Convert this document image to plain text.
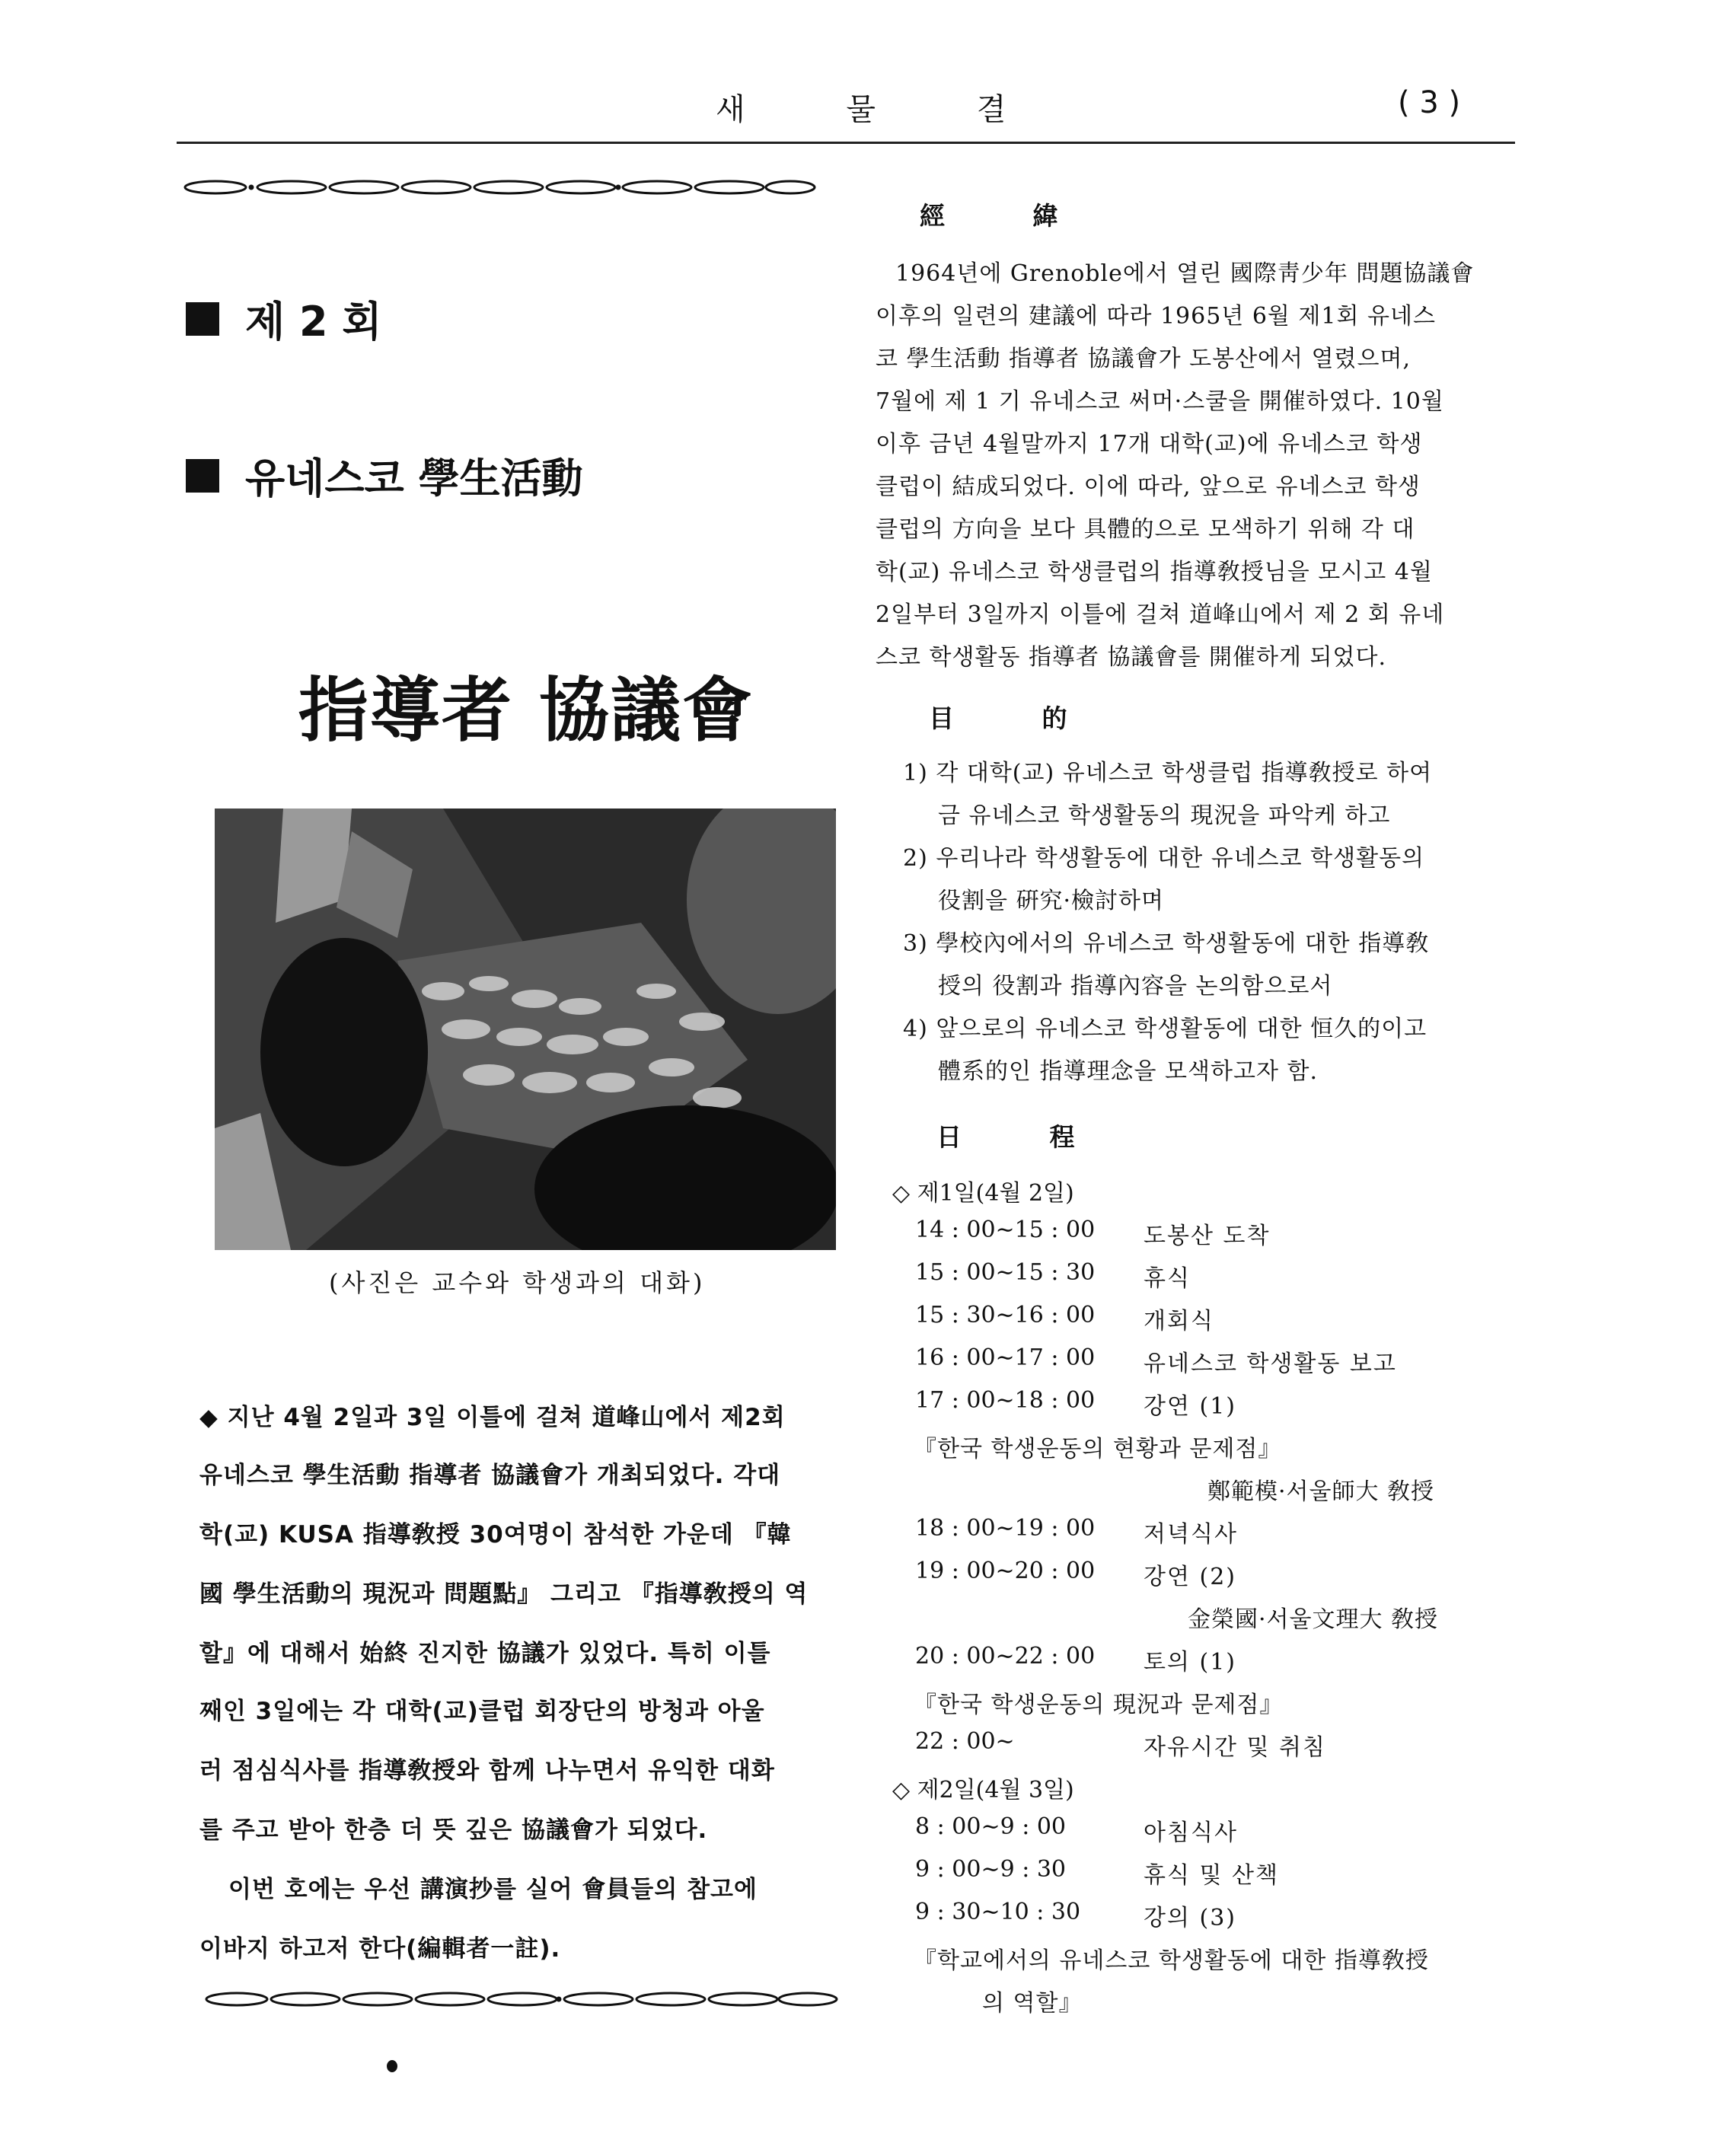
새 물 결	( 3 )
제 2 회
유네스코 學生活動
指導者 協議會
(사진은 교수와 학생과의 대화)
◆ 지난 4월 2일과 3일 이틀에 걸쳐 道峰山에서 제2회
유네스코 學生活動 指導者 協議會가 개최되었다. 각대
학(교) KUSA 指導敎授 30여명이 참석한 가운데 『韓
國 學生活動의 現況과 問題點』 그리고 『指導敎授의 역
할』에 대해서 始終 진지한 協議가 있었다. 특히 이틀
째인 3일에는 각 대학(교)클럽 회장단의 방청과 아울
러 점심식사를 指導敎授와 함께 나누면서 유익한 대화
를 주고 받아 한층 더 뜻 깊은 協議會가 되었다.
이번 호에는 우선 講演抄를 실어 會員들의 참고에
이바지 하고저 한다(編輯者一註).
經 緯
1964년에 Grenoble에서 열린 國際靑少年 問題協議會
이후의 일련의 建議에 따라 1965년 6월 제1회 유네스
코 學生活動 指導者 協議會가 도봉산에서 열렸으며,
7월에 제 1 기 유네스코 써머·스쿨을 開催하였다. 10월
이후 금년 4월말까지 17개 대학(교)에 유네스코 학생
클럽이 結成되었다. 이에 따라, 앞으로 유네스코 학생
클럽의 方向을 보다 具體的으로 모색하기 위해 각 대
학(교) 유네스코 학생클럽의 指導敎授님을 모시고 4월
2일부터 3일까지 이틀에 걸쳐 道峰山에서 제 2 회 유네
스코 학생활동 指導者 協議會를 開催하게 되었다.
目 的
1) 각 대학(교) 유네스코 학생클럽 指導敎授로 하여
금 유네스코 학생활동의 現況을 파악케 하고
2) 우리나라 학생활동에 대한 유네스코 학생활동의
役割을 硏究·檢討하며
3) 學校內에서의 유네스코 학생활동에 대한 指導敎
授의 役割과 指導內容을 논의함으로서
4) 앞으로의 유네스코 학생활동에 대한 恒久的이고
體系的인 指導理念을 모색하고자 함.
日 程
◇ 제1일(4월 2일)
14 : 00∼15 : 00 도봉산 도착
15 : 00∼15 : 30 휴식
15 : 30∼16 : 00 개회식
16 : 00∼17 : 00 유네스코 학생활동 보고
17 : 00∼18 : 00 강연 (1)
『한국 학생운동의 현황과 문제점』
鄭範模·서울師大 敎授
18 : 00∼19 : 00 저녁식사
19 : 00∼20 : 00 강연 (2)
金榮國·서울文理大 敎授
20 : 00∼22 : 00 토의 (1)
『한국 학생운동의 現況과 문제점』
22 : 00∼	자유시간 및 취침
◇ 제2일(4월 3일)
8 : 00∼9 : 00	아침식사
9 : 00∼9 : 30	휴식 및 산책
9 : 30∼10 : 30	강의 (3)
『학교에서의 유네스코 학생활동에 대한 指導敎授
의 역할』
